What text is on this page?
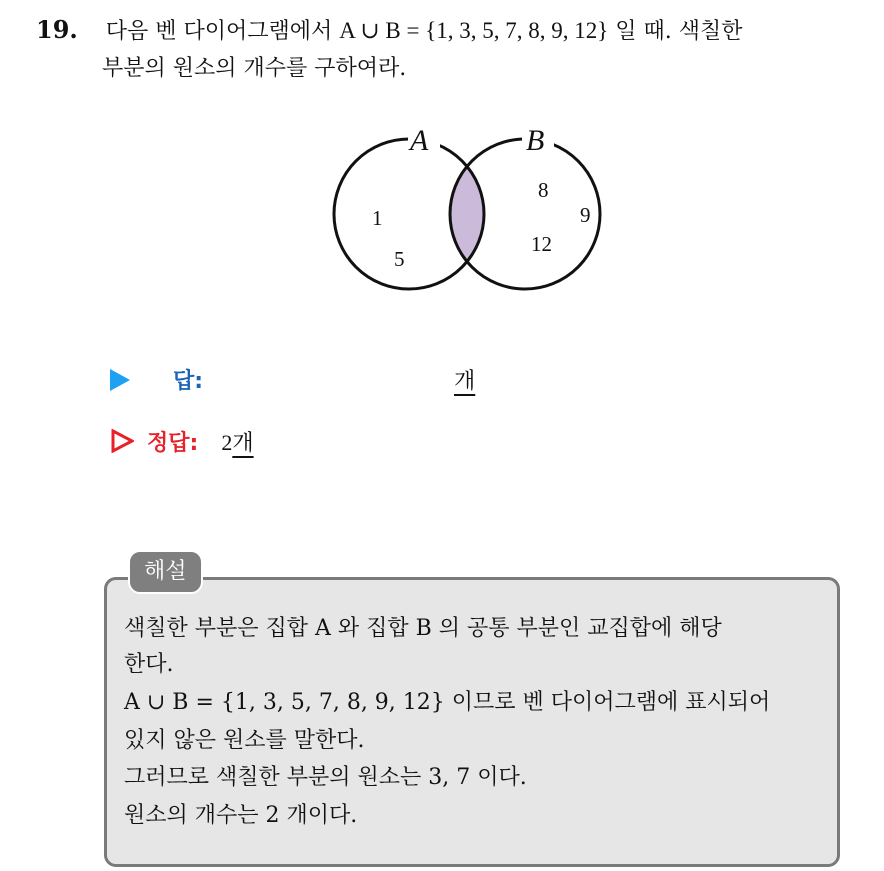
19. 다음 벤 다이어그램에서 A ∪ B = {1, 3, 5, 7, 8, 9, 12} 일 때. 색칠한
부분의 원소의 개수를 구하여라.
A	B
1
5
8
9
12
답:	개
정답: 2개
해설
색칠한 부분은 집합 A 와 집합 B 의 공통 부분인 교집합에 해당
한다.
A ∪ B = {1, 3, 5, 7, 8, 9, 12} 이므로 벤 다이어그램에 표시되어
있지 않은 원소를 말한다.
그러므로 색칠한 부분의 원소는 3, 7 이다.
원소의 개수는 2 개이다.
